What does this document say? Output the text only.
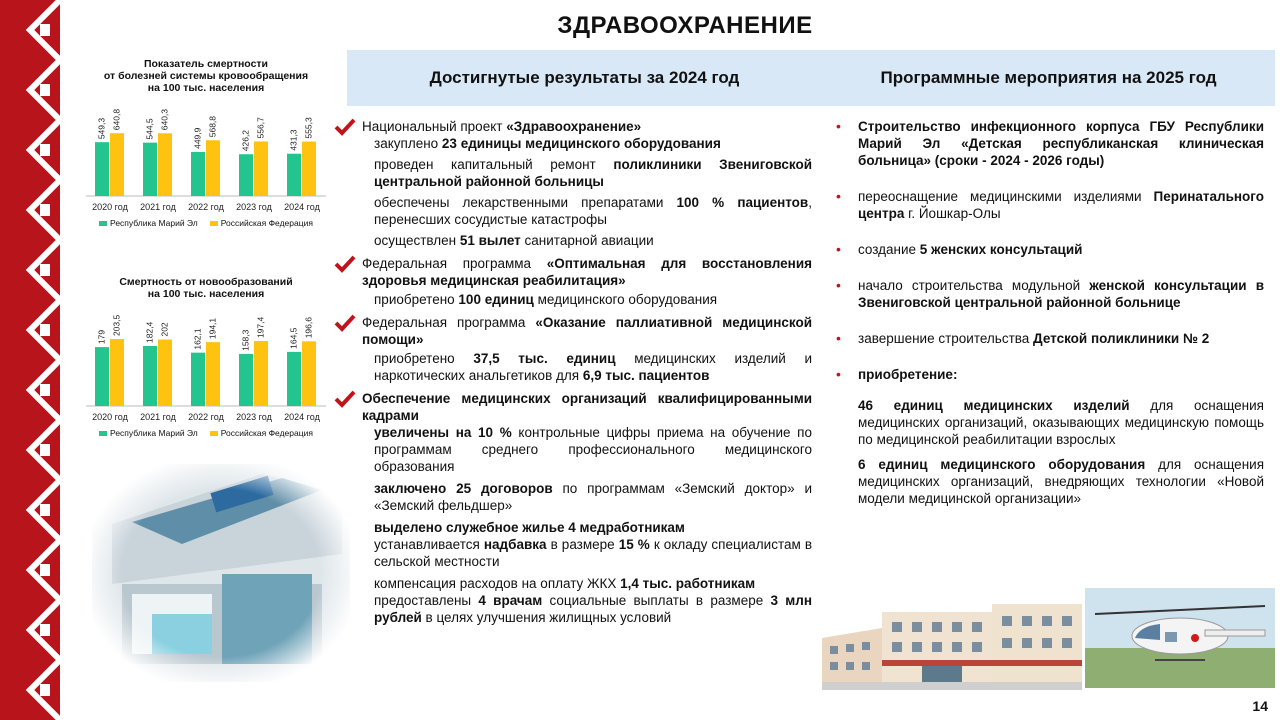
ЗДРАВООХРАНЕНИЕ
Достигнутые результаты за 2024 год	Программные мероприятия на 2025 год
Показатель смертности
от болезней системы кровообращения
на 100 тыс. населения
549,3 640,8
2020 год
544,5 640,3
2021 год
449,9
568,8
2022 год
426,2
556,7
2023 год
431,3
555,3
2024 год
Республика Марий Эл	Российская Федерация
Смертность от новообразований
на 100 тыс. населения
179
203,5
2020 год
182,4 202
2021 год
162,1 194,1
2022 год
158,3
197,4
2023 год
164,5 196,6
2024 год
Республика Марий Эл	Российская Федерация
Национальный проект «Здравоохранение»
закуплено 23 единицы медицинского оборудования
проведен капитальный ремонт поликлиники Звениговской центральной районной больницы
обеспечены лекарственными препаратами 100 % пациентов, перенесших сосудистые катастрофы
осуществлен 51 вылет санитарной авиации
Федеральная программа «Оптимальная для восстановления здоровья медицинская реабилитация»
приобретено 100 единиц медицинского оборудования
Федеральная программа «Оказание паллиативной медицинской помощи»
приобретено 37,5 тыс. единиц медицинских изделий и наркотических анальгетиков для 6,9 тыс. пациентов
Обеспечение медицинских организаций квалифицированными кадрами
увеличены на 10 % контрольные цифры приема на обучение по программам среднего профессионального медицинского образования
заключено 25 договоров по программам «Земский доктор» и «Земский фельдшер»
выделено служебное жилье 4 медработникам
устанавливается надбавка в размере 15 % к окладу специалистам в сельской местности
компенсация расходов на оплату ЖКХ 1,4 тыс. работникам
предоставлены 4 врачам социальные выплаты в размере 3 млн рублей в целях улучшения жилищных условий
• Строительство инфекционного корпуса ГБУ Республики Марий Эл «Детская республиканская клиническая больница» (сроки - 2024 - 2026 годы)
• переоснащение медицинскими изделиями Перинатального центра г. Йошкар-Олы
• создание 5 женских консультаций
• начало строительства модульной женской консультации в Звениговской центральной районной больнице
• завершение строительства Детской поликлиники № 2
• приобретение:
46 единиц медицинских изделий для оснащения медицинских организаций, оказывающих медицинскую помощь по медицинской реабилитации взрослых
6 единиц медицинского оборудования для оснащения медицинских организаций, внедряющих технологии «Новой модели медицинской организации»
14
